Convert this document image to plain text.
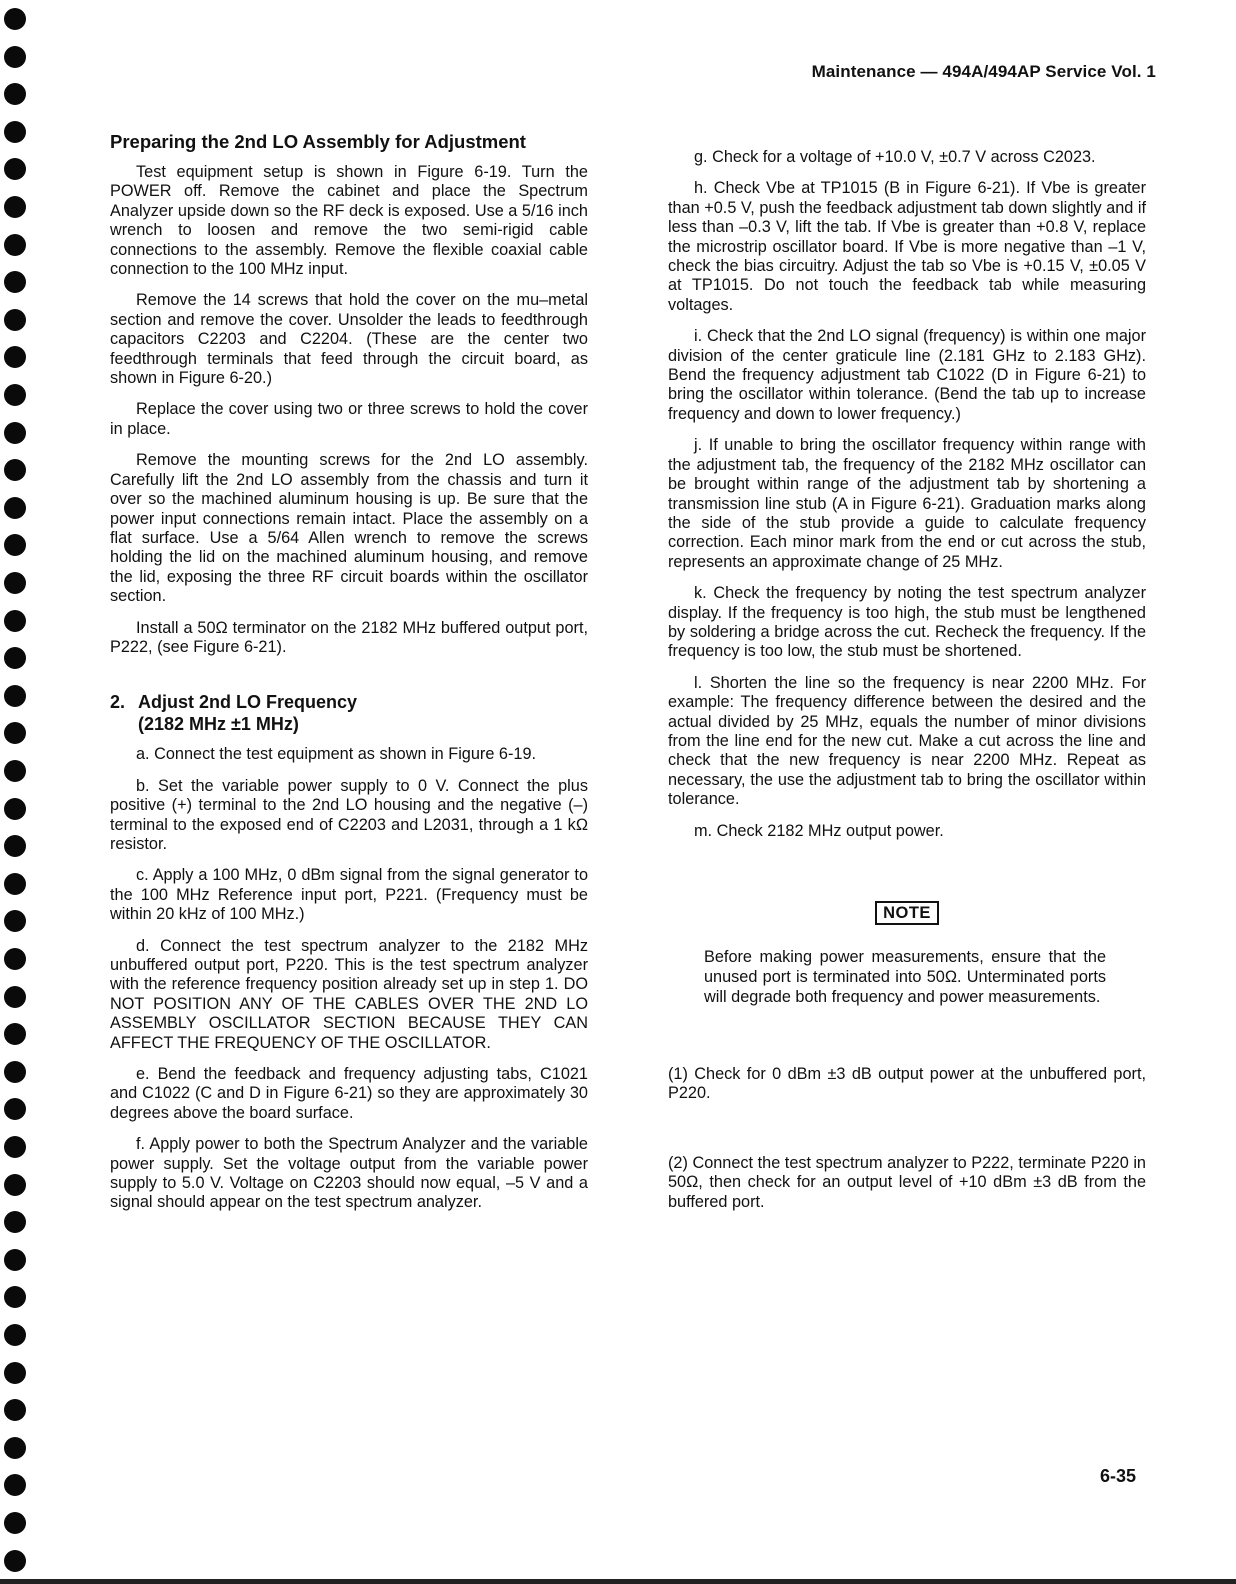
Maintenance — 494A/494AP Service Vol. 1
Preparing the 2nd LO Assembly for Adjustment

Test equipment setup is shown in Figure 6-19. Turn the POWER off. Remove the cabinet and place the Spectrum Analyzer upside down so the RF deck is exposed. Use a 5/16 inch wrench to loosen and remove the two semi-rigid cable connections to the assembly. Remove the flexible coaxial cable connection to the 100 MHz input.

Remove the 14 screws that hold the cover on the mu–metal section and remove the cover. Unsolder the leads to feedthrough capacitors C2203 and C2204. (These are the center two feedthrough terminals that feed through the circuit board, as shown in Figure 6-20.)

Replace the cover using two or three screws to hold the cover in place.

Remove the mounting screws for the 2nd LO assembly. Carefully lift the 2nd LO assembly from the chassis and turn it over so the machined aluminum housing is up. Be sure that the power input connections remain intact. Place the assembly on a flat surface. Use a 5/64 Allen wrench to remove the screws holding the lid on the machined aluminum housing, and remove the lid, exposing the three RF circuit boards within the oscillator section.

Install a 50Ω terminator on the 2182 MHz buffered output port, P222, (see Figure 6-21).

2. Adjust 2nd LO Frequency
(2182 MHz ±1 MHz)

a. Connect the test equipment as shown in Figure 6-19.

b. Set the variable power supply to 0 V. Connect the plus positive (+) terminal to the 2nd LO housing and the negative (–) terminal to the exposed end of C2203 and L2031, through a 1 kΩ resistor.

c. Apply a 100 MHz, 0 dBm signal from the signal generator to the 100 MHz Reference input port, P221. (Frequency must be within 20 kHz of 100 MHz.)

d. Connect the test spectrum analyzer to the 2182 MHz unbuffered output port, P220. This is the test spectrum analyzer with the reference frequency position already set up in step 1. DO NOT POSITION ANY OF THE CABLES OVER THE 2ND LO ASSEMBLY OSCILLATOR SECTION BECAUSE THEY CAN AFFECT THE FREQUENCY OF THE OSCILLATOR.

e. Bend the feedback and frequency adjusting tabs, C1021 and C1022 (C and D in Figure 6-21) so they are approximately 30 degrees above the board surface.

f. Apply power to both the Spectrum Analyzer and the variable power supply. Set the voltage output from the variable power supply to 5.0 V. Voltage on C2203 should now equal, –5 V and a signal should appear on the test spectrum analyzer.

g. Check for a voltage of +10.0 V, ±0.7 V across C2023.

h. Check Vbe at TP1015 (B in Figure 6-21). If Vbe is greater than +0.5 V, push the feedback adjustment tab down slightly and if less than –0.3 V, lift the tab. If Vbe is greater than +0.8 V, replace the microstrip oscillator board. If Vbe is more negative than –1 V, check the bias circuitry. Adjust the tab so Vbe is +0.15 V, ±0.05 V at TP1015. Do not touch the feedback tab while measuring voltages.

i. Check that the 2nd LO signal (frequency) is within one major division of the center graticule line (2.181 GHz to 2.183 GHz). Bend the frequency adjustment tab C1022 (D in Figure 6-21) to bring the oscillator within tolerance. (Bend the tab up to increase frequency and down to lower frequency.)

j. If unable to bring the oscillator frequency within range with the adjustment tab, the frequency of the 2182 MHz oscillator can be brought within range of the adjustment tab by shortening a transmission line stub (A in Figure 6-21). Graduation marks along the side of the stub provide a guide to calculate frequency correction. Each minor mark from the end or cut across the stub, represents an approximate change of 25 MHz.

k. Check the frequency by noting the test spectrum analyzer display. If the frequency is too high, the stub must be lengthened by soldering a bridge across the cut. Recheck the frequency. If the frequency is too low, the stub must be shortened.

l. Shorten the line so the frequency is near 2200 MHz. For example: The frequency difference between the desired and the actual divided by 25 MHz, equals the number of minor divisions from the line end for the new cut. Make a cut across the line and check that the new frequency is near 2200 MHz. Repeat as necessary, the use the adjustment tab to bring the oscillator within tolerance.

m. Check 2182 MHz output power.

NOTE
Before making power measurements, ensure that the unused port is terminated into 50Ω. Unterminated ports will degrade both frequency and power measurements.

(1) Check for 0 dBm ±3 dB output power at the unbuffered port, P220.

(2) Connect the test spectrum analyzer to P222, terminate P220 in 50Ω, then check for an output level of +10 dBm ±3 dB from the buffered port.

6-35
